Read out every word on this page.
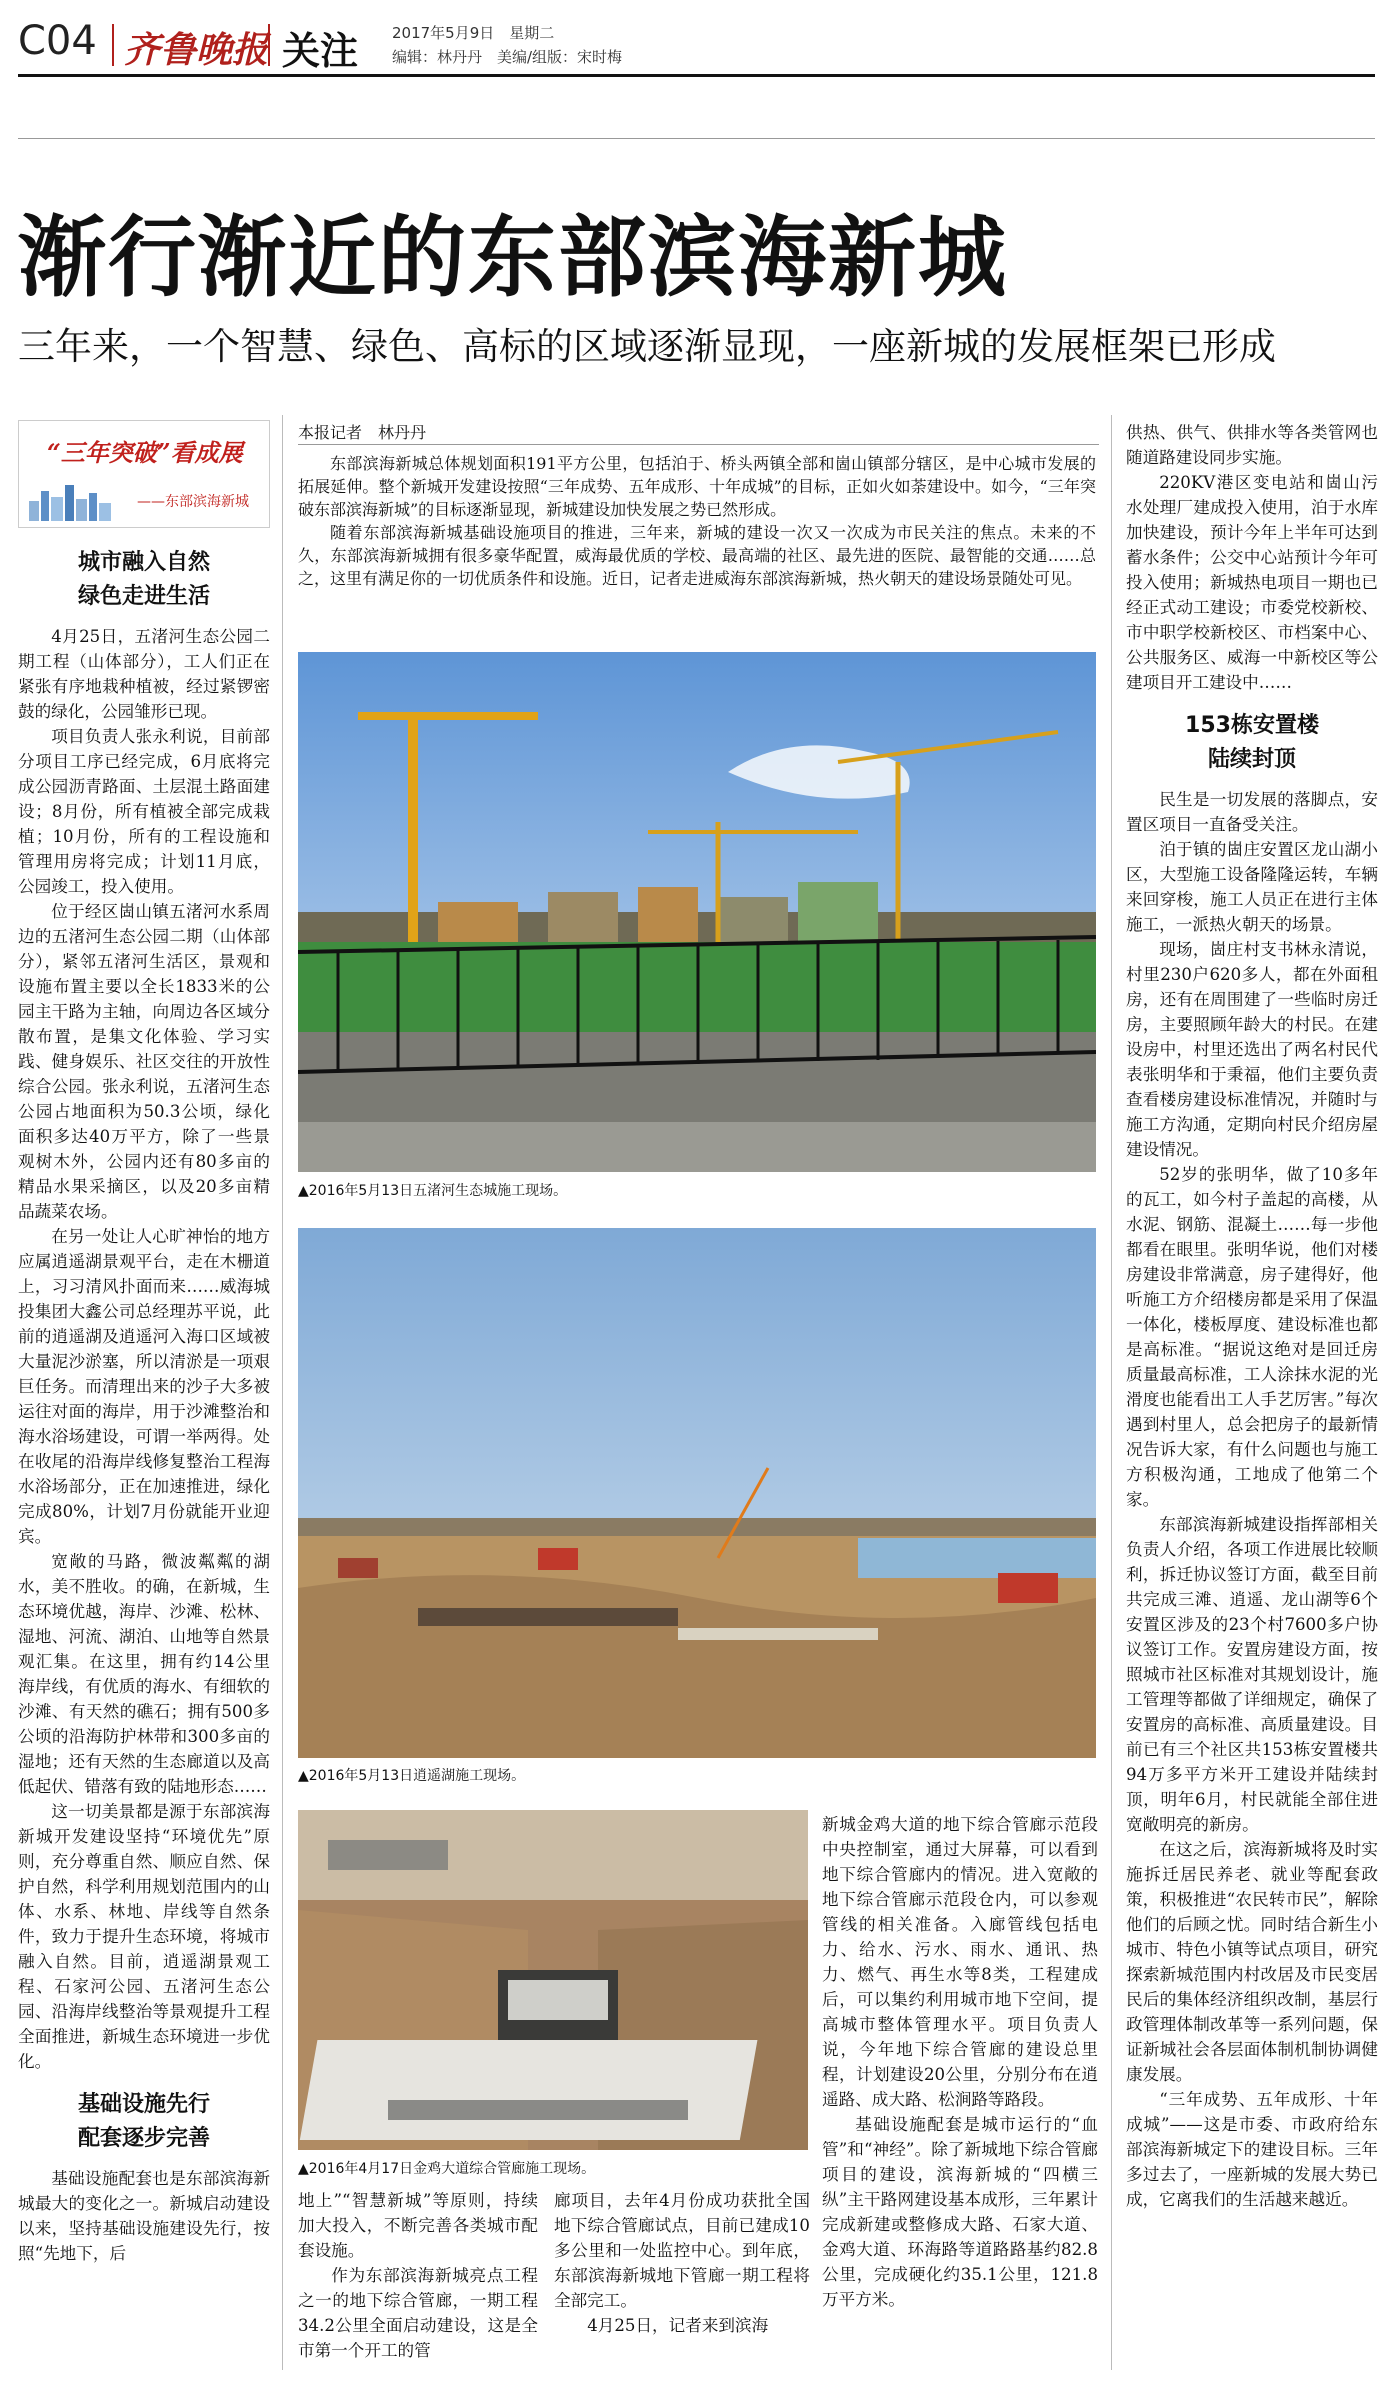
C04 齐鲁晚报 关注 2017年5月9日　星期二
编辑：林丹丹　美编/组版：宋时梅
渐行渐近的东部滨海新城
三年来，一个智慧、绿色、高标的区域逐渐显现，一座新城的发展框架已形成
“三年突破”看成展
——东部滨海新城
城市融入自然
绿色走进生活

4月25日，五渚河生态公园二期工程（山体部分），工人们正在紧张有序地栽种植被，经过紧锣密鼓的绿化，公园雏形已现。

项目负责人张永利说，目前部分项目工序已经完成，6月底将完成公园沥青路面、土层混土路面建设；8月份，所有植被全部完成栽植；10月份，所有的工程设施和管理用房将完成；计划11月底，公园竣工，投入使用。

位于经区崮山镇五渚河水系周边的五渚河生态公园二期（山体部分），紧邻五渚河生活区，景观和设施布置主要以全长1833米的公园主干路为主轴，向周边各区域分散布置，是集文化体验、学习实践、健身娱乐、社区交往的开放性综合公园。张永利说，五渚河生态公园占地面积为50.3公顷，绿化面积多达40万平方，除了一些景观树木外，公园内还有80多亩的精品水果采摘区，以及20多亩精品蔬菜农场。

在另一处让人心旷神怡的地方应属逍遥湖景观平台，走在木栅道上，习习清风扑面而来……威海城投集团大鑫公司总经理苏平说，此前的逍遥湖及逍遥河入海口区域被大量泥沙淤塞，所以清淤是一项艰巨任务。而清理出来的沙子大多被运往对面的海岸，用于沙滩整治和海水浴场建设，可谓一举两得。处在收尾的沿海岸线修复整治工程海水浴场部分，正在加速推进，绿化完成80%，计划7月份就能开业迎宾。

宽敞的马路，微波粼粼的湖水，美不胜收。的确，在新城，生态环境优越，海岸、沙滩、松林、湿地、河流、湖泊、山地等自然景观汇集。在这里，拥有约14公里海岸线，有优质的海水、有细软的沙滩、有天然的礁石；拥有500多公顷的沿海防护林带和300多亩的湿地；还有天然的生态廊道以及高低起伏、错落有致的陆地形态……

这一切美景都是源于东部滨海新城开发建设坚持“环境优先”原则，充分尊重自然、顺应自然、保护自然，科学利用规划范围内的山体、水系、林地、岸线等自然条件，致力于提升生态环境，将城市融入自然。目前，逍遥湖景观工程、石家河公园、五渚河生态公园、沿海岸线整治等景观提升工程全面推进，新城生态环境进一步优化。

基础设施先行
配套逐步完善

基础设施配套也是东部滨海新城最大的变化之一。新城启动建设以来，坚持基础设施建设先行，按照“先地下，后

本报记者　林丹丹

东部滨海新城总体规划面积191平方公里，包括泊于、桥头两镇全部和崮山镇部分辖区，是中心城市发展的拓展延伸。整个新城开发建设按照“三年成势、五年成形、十年成城”的目标，正如火如荼建设中。如今，“三年突破东部滨海新城”的目标逐渐显现，新城建设加快发展之势已然形成。

随着东部滨海新城基础设施项目的推进，三年来，新城的建设一次又一次成为市民关注的焦点。未来的不久，东部滨海新城拥有很多豪华配置，威海最优质的学校、最高端的社区、最先进的医院、最智能的交通……总之，这里有满足你的一切优质条件和设施。近日，记者走进威海东部滨海新城，热火朝天的建设场景随处可见。

▲2016年5月13日五渚河生态城施工现场。
▲2016年5月13日逍遥湖施工现场。
▲2016年4月17日金鸡大道综合管廊施工现场。

新城金鸡大道的地下综合管廊示范段中央控制室，通过大屏幕，可以看到地下综合管廊内的情况。进入宽敞的地下综合管廊示范段仓内，可以参观管线的相关准备。入廊管线包括电力、给水、污水、雨水、通讯、热力、燃气、再生水等8类，工程建成后，可以集约利用城市地下空间，提高城市整体管理水平。项目负责人说，今年地下综合管廊的建设总里程，计划建设20公里，分别分布在逍遥路、成大路、松涧路等路段。

基础设施配套是城市运行的“血管”和“神经”。除了新城地下综合管廊项目的建设，滨海新城的“四横三纵”主干路网建设基本成形，三年累计完成新建或整修成大路、石家大道、金鸡大道、环海路等道路路基约82.8公里，完成硬化约35.1公里，121.8万平方米。

地上”“智慧新城”等原则，持续加大投入，不断完善各类城市配套设施。

作为东部滨海新城亮点工程之一的地下综合管廊，一期工程34.2公里全面启动建设，这是全市第一个开工的管

廊项目，去年4月份成功获批全国地下综合管廊试点，目前已建成10多公里和一处监控中心。到年底，东部滨海新城地下管廊一期工程将全部完工。

4月25日，记者来到滨海

供热、供气、供排水等各类管网也随道路建设同步实施。

220KV港区变电站和崮山污水处理厂建成投入使用，泊于水库加快建设，预计今年上半年可达到蓄水条件；公交中心站预计今年可投入使用；新城热电项目一期也已经正式动工建设；市委党校新校、市中职学校新校区、市档案中心、公共服务区、威海一中新校区等公建项目开工建设中……

153栋安置楼
陆续封顶

民生是一切发展的落脚点，安置区项目一直备受关注。

泊于镇的崮庄安置区龙山湖小区，大型施工设备隆隆运转，车辆来回穿梭，施工人员正在进行主体施工，一派热火朝天的场景。

现场，崮庄村支书林永清说，村里230户620多人，都在外面租房，还有在周围建了一些临时房迁房，主要照顾年龄大的村民。在建设房中，村里还选出了两名村民代表张明华和于秉福，他们主要负责查看楼房建设标准情况，并随时与施工方沟通，定期向村民介绍房屋建设情况。

52岁的张明华，做了10多年的瓦工，如今村子盖起的高楼，从水泥、钢筋、混凝土……每一步他都看在眼里。张明华说，他们对楼房建设非常满意，房子建得好，他听施工方介绍楼房都是采用了保温一体化，楼板厚度、建设标准也都是高标准。“据说这绝对是回迁房质量最高标准，工人涂抹水泥的光滑度也能看出工人手艺厉害。”每次遇到村里人，总会把房子的最新情况告诉大家，有什么问题也与施工方积极沟通，工地成了他第二个家。

东部滨海新城建设指挥部相关负责人介绍，各项工作进展比较顺利，拆迁协议签订方面，截至目前共完成三滩、逍遥、龙山湖等6个安置区涉及的23个村7600多户协议签订工作。安置房建设方面，按照城市社区标准对其规划设计，施工管理等都做了详细规定，确保了安置房的高标准、高质量建设。目前已有三个社区共153栋安置楼共94万多平方米开工建设并陆续封顶，明年6月，村民就能全部住进宽敞明亮的新房。

在这之后，滨海新城将及时实施拆迁居民养老、就业等配套政策，积极推进“农民转市民”，解除他们的后顾之忧。同时结合新生小城市、特色小镇等试点项目，研究探索新城范围内村改居及市民变居民后的集体经济组织改制，基层行政管理体制改革等一系列问题，保证新城社会各层面体制机制协调健康发展。

“三年成势、五年成形、十年成城”——这是市委、市政府给东部滨海新城定下的建设目标。三年多过去了，一座新城的发展大势已成，它离我们的生活越来越近。
